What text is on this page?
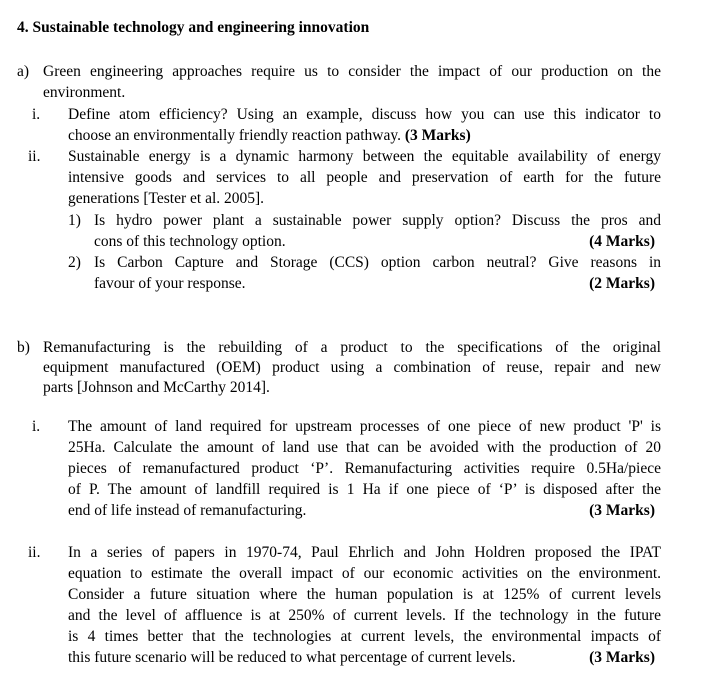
4. Sustainable technology and engineering innovation
a) Green engineering approaches require us to consider the impact of our production on the
environment.
i. Define atom efficiency? Using an example, discuss how you can use this indicator to
choose an environmentally friendly reaction pathway. (3 Marks)
ii. Sustainable energy is a dynamic harmony between the equitable availability of energy
intensive goods and services to all people and preservation of earth for the future
generations [Tester et al. 2005].
1) Is hydro power plant a sustainable power supply option? Discuss the pros and
cons of this technology option.	(4 Marks)
2) Is Carbon Capture and Storage (CCS) option carbon neutral? Give reasons in
favour of your response.	(2 Marks)
b) Remanufacturing is the rebuilding of a product to the specifications of the original
equipment manufactured (OEM) product using a combination of reuse, repair and new
parts [Johnson and McCarthy 2014].
i. The amount of land required for upstream processes of one piece of new product 'P' is
25Ha. Calculate the amount of land use that can be avoided with the production of 20
pieces of remanufactured product ‘P’. Remanufacturing activities require 0.5Ha/piece
of P. The amount of landfill required is 1 Ha if one piece of ‘P’ is disposed after the
end of life instead of remanufacturing.	(3 Marks)
ii. In a series of papers in 1970-74, Paul Ehrlich and John Holdren proposed the IPAT
equation to estimate the overall impact of our economic activities on the environment.
Consider a future situation where the human population is at 125% of current levels
and the level of affluence is at 250% of current levels. If the technology in the future
is 4 times better that the technologies at current levels, the environmental impacts of
this future scenario will be reduced to what percentage of current levels.	(3 Marks)
